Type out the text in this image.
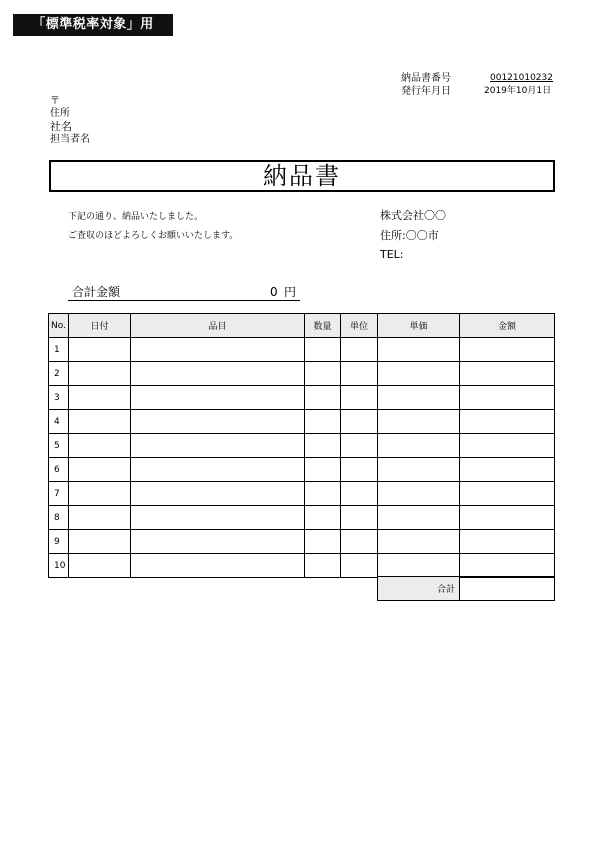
「標準税率対象」用
納品書番号	00121010232
発行年月日	2019年10月1日
〒
住所
社名
担当者名
納品書
下記の通り、納品いたしました。
ご査収のほどよろしくお願いいたします。
株式会社〇〇
住所:〇〇市
TEL:
合計金額	0 円
No.	日付	品目	数量	単位	単価	金額
1						
2						
3						
4						
5						
6						
7						
8						
9						
10						
合計	
